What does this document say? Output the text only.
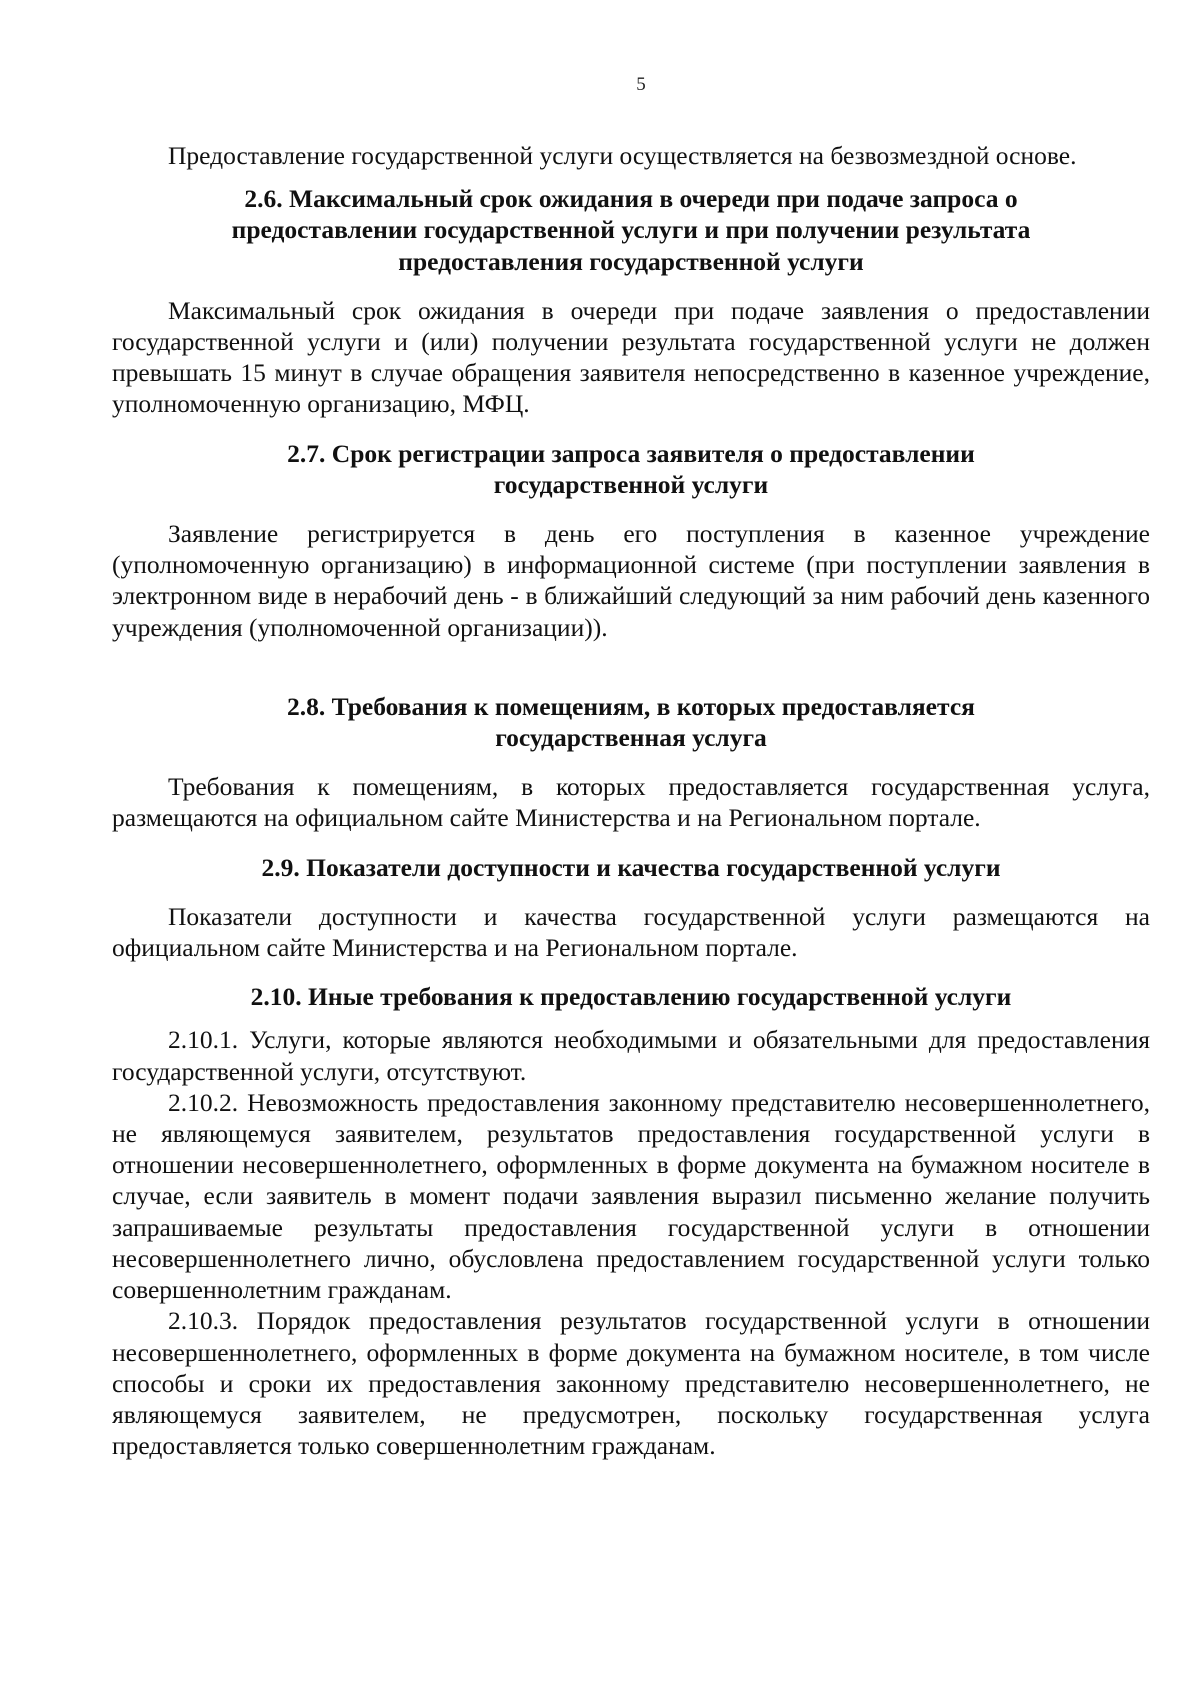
5

Предоставление государственной услуги осуществляется на безвозмездной основе.

2.6. Максимальный срок ожидания в очереди при подаче запроса о предоставлении государственной услуги и при получении результата предоставления государственной услуги

Максимальный срок ожидания в очереди при подаче заявления о предоставлении государственной услуги и (или) получении результата государственной услуги не должен превышать 15 минут в случае обращения заявителя непосредственно в казенное учреждение, уполномоченную организацию, МФЦ.

2.7. Срок регистрации запроса заявителя о предоставлении государственной услуги

Заявление регистрируется в день его поступления в казенное учреждение (уполномоченную организацию) в информационной системе (при поступлении заявления в электронном виде в нерабочий день - в ближайший следующий за ним рабочий день казенного учреждения (уполномоченной организации)).

2.8. Требования к помещениям, в которых предоставляется государственная услуга

Требования к помещениям, в которых предоставляется государственная услуга, размещаются на официальном сайте Министерства и на Региональном портале.

2.9. Показатели доступности и качества государственной услуги

Показатели доступности и качества государственной услуги размещаются на официальном сайте Министерства и на Региональном портале.

2.10. Иные требования к предоставлению государственной услуги

2.10.1. Услуги, которые являются необходимыми и обязательными для предоставления государственной услуги, отсутствуют.

2.10.2. Невозможность предоставления законному представителю несовершеннолетнего, не являющемуся заявителем, результатов предоставления государственной услуги в отношении несовершеннолетнего, оформленных в форме документа на бумажном носителе в случае, если заявитель в момент подачи заявления выразил письменно желание получить запрашиваемые результаты предоставления государственной услуги в отношении несовершеннолетнего лично, обусловлена предоставлением государственной услуги только совершеннолетним гражданам.

2.10.3. Порядок предоставления результатов государственной услуги в отношении несовершеннолетнего, оформленных в форме документа на бумажном носителе, в том числе способы и сроки их предоставления законному представителю несовершеннолетнего, не являющемуся заявителем, не предусмотрен, поскольку государственная услуга предоставляется только совершеннолетним гражданам.
